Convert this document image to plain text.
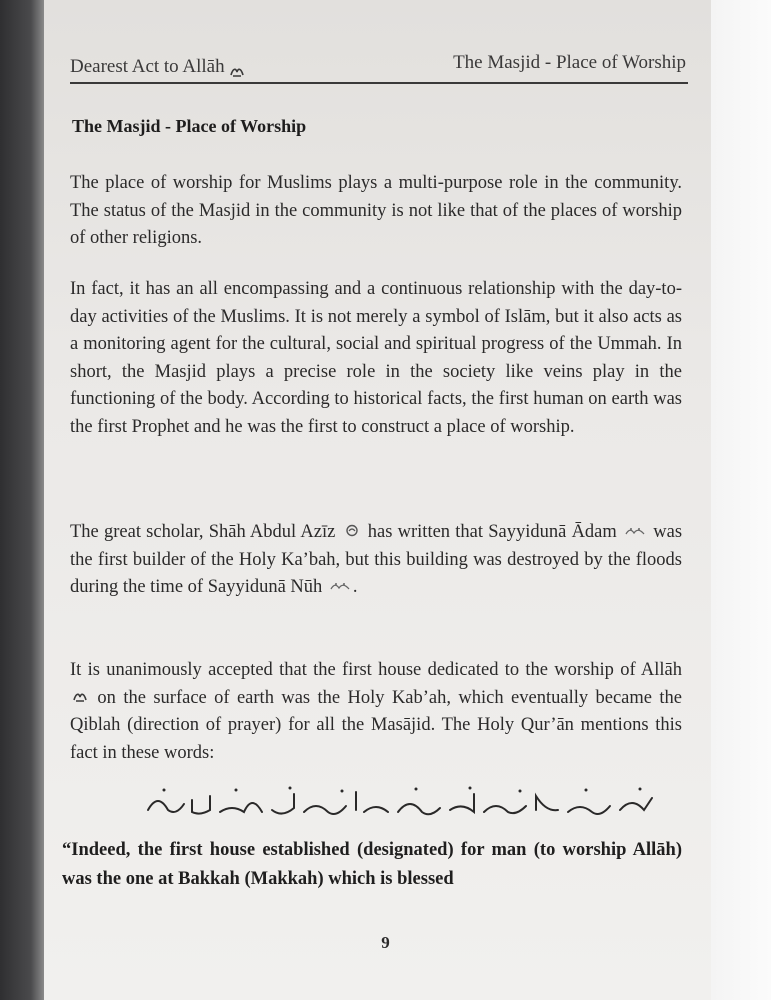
Dearest Act to Allāh	The Masjid - Place of Worship
The Masjid - Place of Worship
The place of worship for Muslims plays a multi-purpose role in the community. The status of the Masjid in the community is not like that of the places of worship of other religions.
In fact, it has an all encompassing and a continuous relationship with the day-to-day activities of the Muslims. It is not merely a symbol of Islām, but it also acts as a monitoring agent for the cultural, social and spiritual progress of the Ummah. In short, the Masjid plays a precise role in the society like veins play in the functioning of the body. According to historical facts, the first human on earth was the first Prophet and he was the first to construct a place of worship.
The great scholar, Shāh Abdul Azīz has written that Sayyidunā Ādam was the first builder of the Holy Ka’bah, but this building was destroyed by the floods during the time of Sayyidunā Nūh .
It is unanimously accepted that the first house dedicated to the worship of Allāh  on the surface of earth was the Holy Kab’ah, which eventually became the Qiblah (direction of prayer) for all the Masājid. The Holy Qur’ān mentions this fact in these words:
“Indeed, the first house established (designated) for man (to worship Allāh) was the one at Bakkah (Makkah) which is blessed
9
